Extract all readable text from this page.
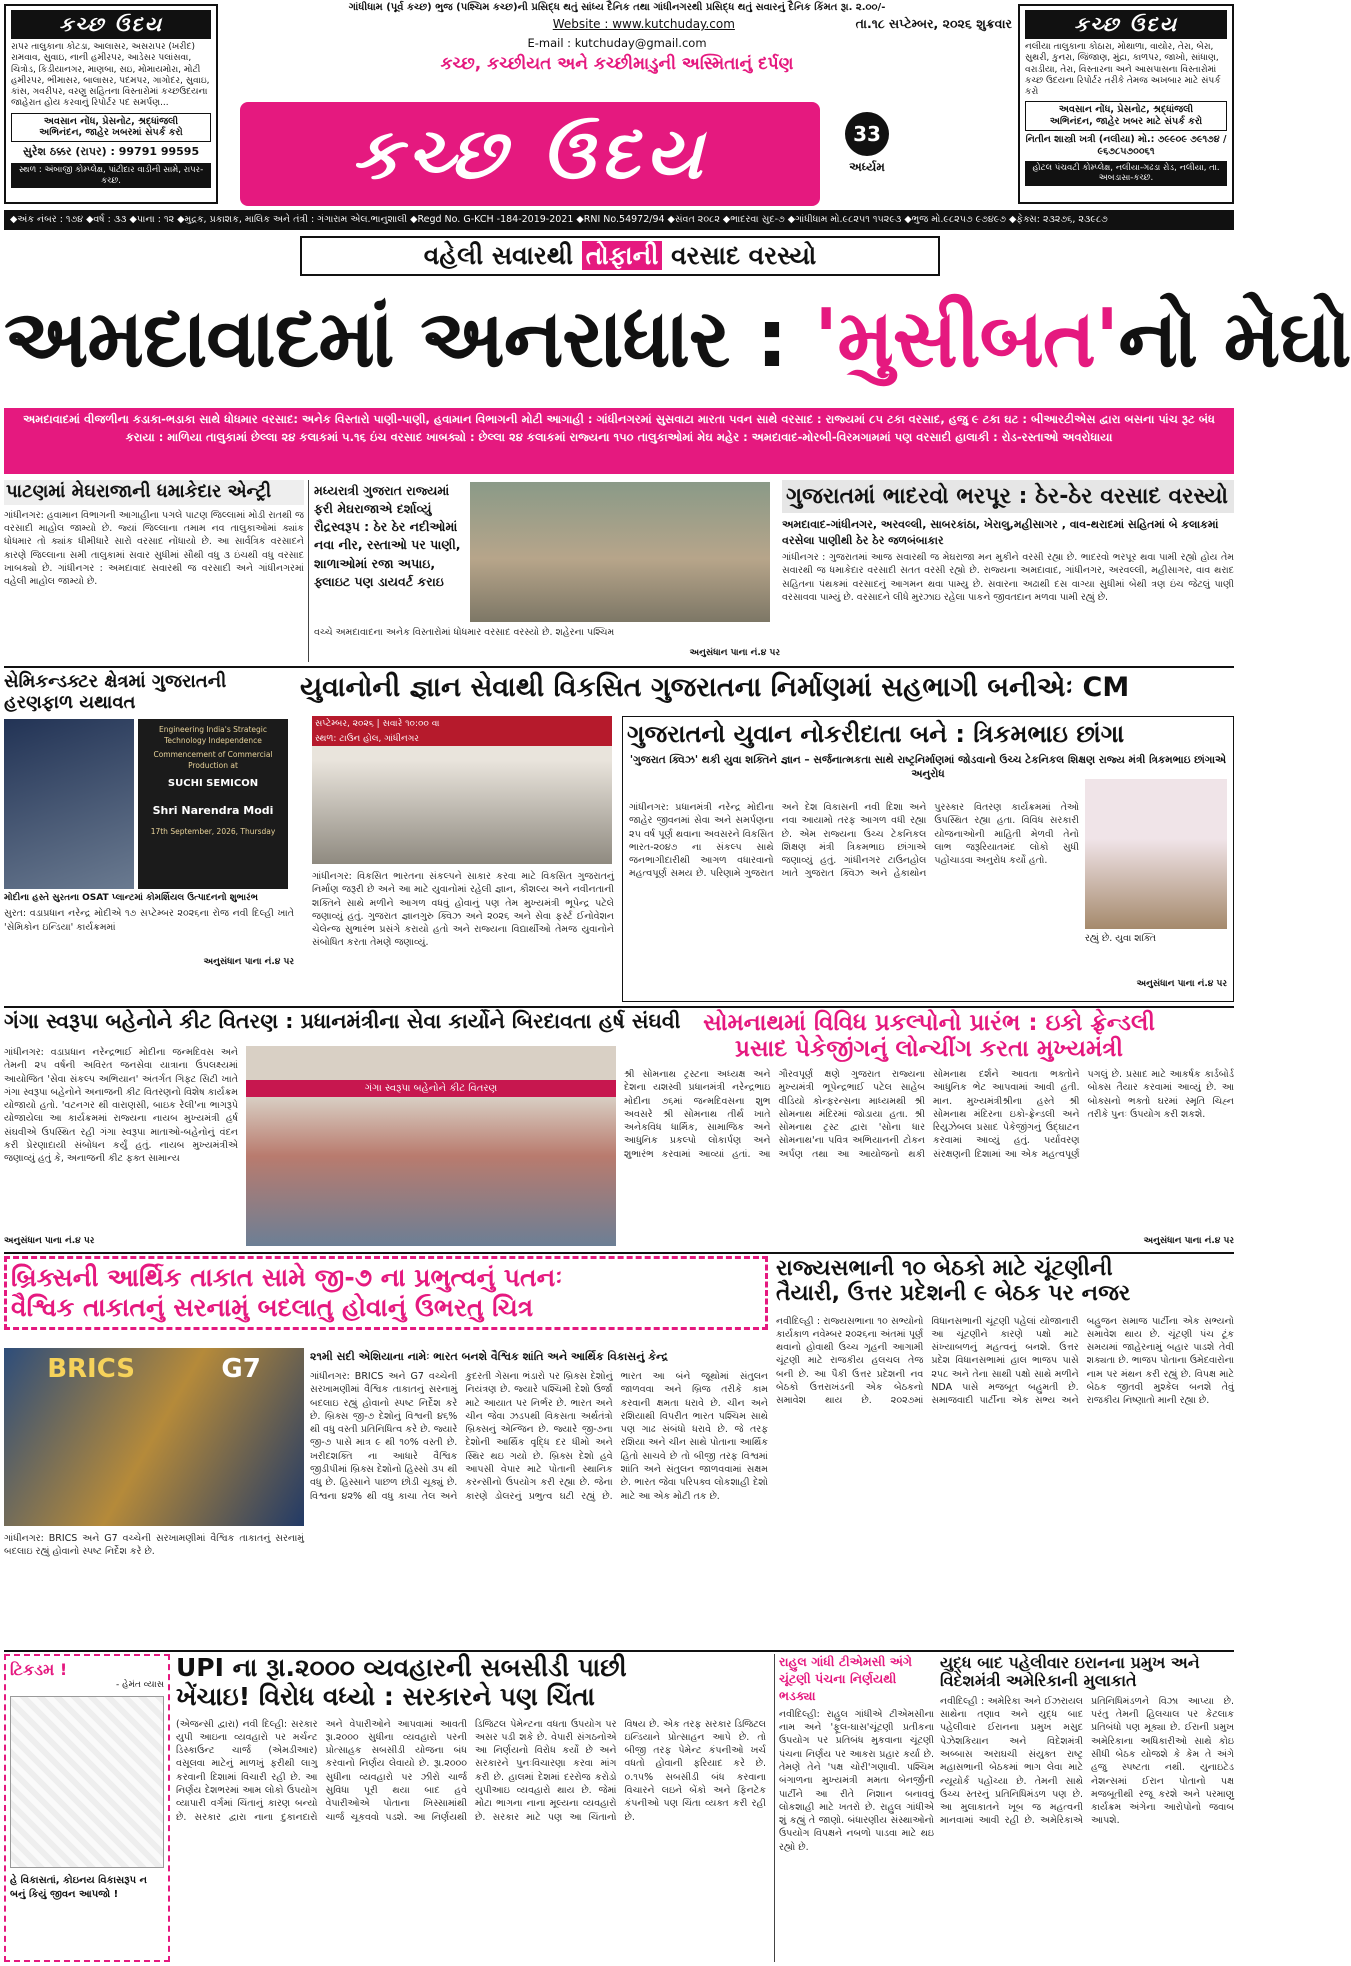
કચ્છ ઉદય
રાપર તાલુકાના કોટડા, આલાસર, અસરાપર (ખરીદ) રામવાવ, સુવાઇ, નાની હમીરપર, આડેસર પલાંસવા, ચિત્રોડ, કિડીયાનગર, માણબા, સઇ, મોમાયમોરા, મોટી હમીરપર, ભીમાસર, બાલાસર, પદમપર, ગાગોદર, સુવાઇ, કાંસ, ગવરીપર, વરણુ સહિતના વિસ્તારોમાં કચ્છઉદયના જાહેરાત હોય કરવાનું રિપોર્ટર પદ સમર્પણ...
અવસાન નોંધ, પ્રેસનોટ, શ્રદ્ધાંજલી
અભિનંદન, જાહેર ખબરમાં સંપર્ક કરો
સુરેશ ઠક્કર (રાપર) : 99791 99595
સ્થળ : અંબાજી કોમ્પ્લેક્ષ, પાંટીદાર વાડીની સામે, રાપર-કચ્છ.
ગાંધીધામ (પૂર્વ કચ્છ) ભુજ (પશ્ચિમ કચ્છ)ની પ્રસિદ્ધ થતું સાંધ્ય દૈનિક તથા ગાંધીનગરથી પ્રસિદ્ધ થતું સવારનું દૈનિક કિંમત રૂા. ૨.૦૦/-
Website : www.kutchuday.com	તા.૧૮ સપ્ટેમ્બર, ૨૦૨૬ શુક્રવાર
E-mail : kutchuday@gmail.com
કચ્છ, કચ્છીયત અને કચ્છીમાડુની અસ્મિતાનું દર્પણ
કચ્છ ઉદય	33
અર્ધ્યમ
કચ્છ ઉદય
નલીયા તાલુકાના કોઠારા, મોથાળા, વાયોર, તેરા, બેરા, સુથરી, કુનરા, જિંજાણ, મુંદ્રા, કાળપર, જાખો, સાંધાણ, વરાડીયા, તેરા, વિસ્તારના અને આસપાસના વિસ્તારોમાં કચ્છ ઉદયના રિપોર્ટર તરીકે તેમજ અખબાર માટે સંપર્ક કરો
અવસાન નોંધ, પ્રેસનોટ, શ્રદ્ધાંજલી
અભિનંદન, જાહેર ખબર માટે સંપર્ક કરો
નિતીન શાસ્ત્રી ખત્રી (નલીયા) મો.: ૭૯૯૦૯ ૭૯૧૭૪ / ૯૬૭૮૫૭૦૦૬૧
હોટલ પંચવટી કોમ્પ્લેક્ષ, નલીયા-ગઢડા રોડ, નલીયા, તા. અબડાસા-કચ્છ.
◆અંક નંબર : ૧૭૪ ◆વર્ષ : ૩૩ ◆પાના : ૧૨ ◆મુદ્રક, પ્રકાશક, માલિક અને તંત્રી : ગંગારામ એલ.ભાનુશાલી ◆Regd No. G-KCH -184-2019-2021 ◆RNI No.54972/94 ◆સંવત ૨૦૮૨ ◆ભાદરવા સુદ-૭ ◆ગાંધીધામ મો.૯૮૨૫૧ ૧૫૨૯૩ ◆ભુજ મો.૯૮૨૫૭ ૯૭૪૯૭ ◆ફેક્સ: ૨૩૨૭૬, ૨૩૯૮૭
વહેલી સવારથી તોફાની વરસાદ વરસ્યો
અમદાવાદમાં અનરાધાર : 'મુસીબત'નો મેઘો
અમદાવાદમાં વીજળીના કડાકા-ભડાકા સાથે ધોધમાર વરસાદ: અનેક વિસ્તારો પાણી-પાણી, હવામાન વિભાગની મોટી આગાહી : ગાંધીનગરમાં સુસવાટા મારતા પવન સાથે વરસાદ : રાજ્યમાં ૮૫ ટકા વરસાદ, હજુ ૯ ટકા ઘટ : બીઆરટીએસ દ્વારા બસના પાંચ રૂટ બંધ કરાયા : માળિયા તાલુકામાં છેલ્લા ૨૪ કલાકમાં ૫.૧૬ ઇંચ વરસાદ ખાબક્યો : છેલ્લા ૨૪ કલાકમાં રાજ્યના ૧૫૦ તાલુકાઓમાં મેઘ મહેર : અમદાવાદ-મોરબી-વિરમગામમાં પણ વરસાદી હાલાકી : રોડ-રસ્તાઓ અવરોધાયા
પાટણમાં મેઘરાજાની ધમાકેદાર એન્ટ્રી
ગાંધીનગર: હવામાન વિભાગની આગાહીના પગલે પાટણ જિલ્લામાં મોડી રાતથી જ વરસાદી માહોલ જામ્યો છે. જ્યાં જિલ્લાના તમામ નવ તાલુકાઓમાં ક્યાંક ધોધમાર તો ક્યાંક ધીમીધારે સારો વરસાદ નોંધાયો છે. આ સાર્વત્રિક વરસાદને કારણે જિલ્લાના સમી તાલુકામાં સવાર સુધીમાં સૌથી વધુ ૩ ઇંચથી વધુ વરસાદ ખાબક્યો છે. ગાંધીનગર : અમદાવાદ સવારથી જ વરસાદી અને ગાંધીનગરમાં વહેલી માહોલ જામ્યો છે.
મધ્યરાત્રી ગુજરાત રાજ્યમાં ફરી મેઘરાજાએ દર્શાવ્યું રૌદ્રસ્વરૂપ : ઠેર ઠેર નદીઓમાં નવા નીર, રસ્તાઓ પર પાણી, શાળાઓમાં રજા અપાઇ, ફ્લાઇટ પણ ડાયવર્ટ કરાઇ
વચ્ચે અમદાવાદના અનેક વિસ્તારોમાં ધોધમાર વરસાદ વરસ્યો છે. શહેરના પશ્ચિમ
અનુસંધાન પાના નં.૪ પર
ગુજરાતમાં ભાદરવો ભરપૂર : ઠેર-ઠેર વરસાદ વરસ્યો
અમદાવાદ-ગાંધીનગર, અરવલ્લી, સાબરકાંઠા, ખેરાલુ,મહીસાગર , વાવ-થરાદમાં સહિતમાં બે કલાકમાં વરસેલા પાણીથી ઠેર ઠેર જળબંબાકાર
ગાંધીનગર : ગુજરાતમાં આજ સવારથી જ મેઘરાજા મન મુકીને વરસી રહ્યા છે. ભાદરવો ભરપૂર થવા પામી રહ્યો હોય તેમ સવારથી જ ધમાકેદાર વરસાદી સતત વરસી રહ્યો છે. રાજ્યના અમદાવાદ, ગાંધીનગર, અરવલ્લી, મહીસાગર, વાવ થરાદ સહિતના પંથકમાં વરસાદનું આગમન થવા પામ્યુ છે. સવારના અઢાથી દસ વાગ્યા સુધીમાં બેથી ત્રણ ઇંચ જેટલું પાણી વરસાવવા પામ્યું છે. વરસાદને લીધે મુરઝાઇ રહેલા પાકને જીવતદાન મળવા પામી રહ્યું છે.
સેમિકન્ડક્ટર ક્ષેત્રમાં ગુજરાતની હરણફાળ યથાવત
Engineering India's Strategic Technology Independence
Commencement of Commercial Production at
SUCHI SEMICON
Shri Narendra Modi
17th September, 2026, Thursday
મોદીના હસ્તે સુરતના OSAT પ્લાન્ટમાં કોમર્શિયલ ઉત્પાદનનો શુભારંભ
સુરત: વડાપ્રધાન નરેન્દ્ર મોદીએ ૧૭ સપ્ટેમ્બર ૨૦૨૬ના રોજ નવી દિલ્હી ખાતે 'સેમિકોન ઇન્ડિયા' કાર્યક્રમમાં
અનુસંધાન પાના નં.૪ પર
યુવાનોની જ્ઞાન સેવાથી વિકસિત ગુજરાતના નિર્માણમાં સહભાગી બનીએઃ CM
સપ્ટેમ્બર, ૨૦૨૬ | સવારે ૧૦:૦૦ વા
સ્થળ: ટાઉન હોલ, ગાંધીનગર
ગાંધીનગર: વિકસિત ભારતના સંકલ્પને સાકાર કરવા માટે વિકસિત ગુજરાતનું નિર્માણ જરૂરી છે અને આ માટે યુવાનોમાં રહેલી જ્ઞાન, કૌશલ્ય અને નવીનતાની શક્તિને સાથે મળીને આગળ વધવું હોવાનું પણ તેમ મુખ્યમંત્રી ભૂપેન્દ્ર પટેલે જણાવ્યું હતું. ગુજરાત જ્ઞાનગુરુ ક્વિઝ અને ૨૦૨૬ અને સેવા ફર્સ્ટ ઈનોવેશન ચેલેન્જ સુભારંભ પ્રસંગે કરાયો હતો અને રાજ્યના વિદ્યાર્થીઓ તેમજ યુવાનોને સંબોધિત કરતા તેમણે જણાવ્યું.
ગુજરાતનો યુવાન નોકરીદાતા બને : ત્રિકમભાઇ છાંગા
'ગુજરાત ક્વિઝ' થકી યુવા શક્તિને જ્ઞાન – સર્જનાત્મકતા સાથે રાષ્ટ્રનિર્માણમાં જોડવાનો ઉચ્ચ ટેકનિકલ શિક્ષણ રાજ્ય મંત્રી ત્રિકમભાઇ છાંગાએ અનુરોધ
ગાંધીનગર: પ્રધાનમંત્રી નરેન્દ્ર મોદીના જાહેર જીવનમાં સેવા અને સમર્પણના ૨૫ વર્ષ પૂર્ણ થવાના અવસરને વિકસિત ભારત-૨૦૪૭ ના સંકલ્પ સાથે જનભાગીદારીથી આગળ વધારવાનો મહત્વપૂર્ણ સમય છે. પરિણામે ગુજરાત અને દેશ વિકાસની નવી દિશા અને નવા આયામો તરફ આગળ વધી રહ્યા છે. એમ રાજ્યના ઉચ્ચ ટેકનિકલ શિક્ષણ મંત્રી ત્રિકમભાઇ છાંગાએ જણાવ્યું હતું. ગાંધીનગર ટાઉનહોલ ખાતે ગુજરાત ક્વિઝ અને હેકાથોન પુરસ્કાર વિતરણ કાર્યક્રમમાં તેઓ ઉપસ્થિત રહ્યા હતા. વિવિધ સરકારી યોજનાઓની માહિતી મેળવી તેનો લાભ જરૂરિયાતમંદ લોકો સુધી પહોંચાડવા અનુરોધ કર્યો હતો.
રહ્યું છે. યુવા શક્તિ
અનુસંધાન પાના નં.૪ પર
ગંગા સ્વરૂપા બહેનોને કીટ વિતરણ : પ્રધાનમંત્રીના સેવા કાર્યોને બિરદાવતા હર્ષ સંઘવી
ગાંધીનગર: વડાપ્રધાન નરેન્દ્રભાઈ મોદીના જન્મદિવસ અને તેમની ૨૫ વર્ષની અવિરત જનસેવા યાત્રાના ઉપલક્ષ્યમાં આયોજિત 'સેવા સંકલ્પ અભિયાન' અંતર્ગત ગિફ્ટ સિટી ખાતે ગંગા સ્વરૂપા બહેનોને અનાજની કીટ વિતરણનો વિશેષ કાર્યક્રમ યોજાયો હતો. 'વટનગર થી વારાણસી, બાઇક રેલી'ના ભાગરૂપે યોજાયેલા આ કાર્યક્રમમાં રાજ્યના નાયબ મુખ્યમંત્રી હર્ષ સંઘવીએ ઉપસ્થિત રહી ગંગા સ્વરૂપા માતાઓ-બહેનોનું વંદન કરી પ્રેરણાદાયી સંબોધન કર્યું હતું. નાયબ મુખ્યમંત્રીએ જણાવ્યું હતું કે, અનાજની કીટ ફક્ત સામાન્ય
ગંગા સ્વરૂપા બહેનોને કીટ વિતરણ
અનુસંધાન પાના નં.૪ પર
સોમનાથમાં વિવિધ પ્રકલ્પોનો પ્રારંભ : ઇકો ફ્રેન્ડલી
પ્રસાદ પેકેજીંગનું લોન્ચીંગ કરતા મુખ્યમંત્રી
શ્રી સોમનાથ ટ્રસ્ટના અધ્યક્ષ અને દેશના યશસ્વી પ્રધાનમંત્રી નરેન્દ્રભાઇ મોદીના ૭૬માં જન્મદિવસના શુભ અવસરે શ્રી સોમનાથ તીર્થ ખાતે અનેકવિધ ધાર્મિક, સામાજિક અને આધુનિક પ્રકલ્પો લોકાર્પણ અને શુભારંભ કરવામાં આવ્યાં હતાં. આ ગૌરવપૂર્ણ ક્ષણે ગુજરાત રાજ્યના મુખ્યમંત્રી ભૂપેન્દ્રભાઈ પટેલ સાહેબ વીડિયો કોન્ફરન્સના માધ્યમથી શ્રી સોમનાથ મંદિરમાં જોડાયા હતા. શ્રી સોમનાથ ટ્રસ્ટ દ્વારા 'સોના ધાર સોમનાથ'ના પવિત્ર અભિયાનની ટોકન અર્પણ તથા આ આયોજનો થકી સોમનાથ દર્શને આવતા ભક્તોને આધુનિક ભેટ આપવામાં આવી હતી. માન. મુખ્યમંત્રીશ્રીના હસ્તે શ્રી સોમનાથ મંદિરના ઇકો-ફ્રેન્ડલી અને રિયુઝેબલ પ્રસાદ પેકેજીંગનું ઉદ્ઘાટન કરવામાં આવ્યું હતું. પર્યાવરણ સંરક્ષણની દિશામાં આ એક મહત્વપૂર્ણ પગલું છે. પ્રસાદ માટે આકર્ષક કાર્ડબોર્ડ બોક્સ તૈયાર કરવામાં આવ્યું છે. આ બોક્સનો ભક્તો ઘરમાં સ્મૃતિ ચિહ્ન તરીકે પુનઃ ઉપયોગ કરી શકશે.
અનુસંધાન પાના નં.૪ પર
બ્રિક્સની આર્થિક તાકાત સામે જી-૭ ના પ્રભુત્વનું પતનઃ
વૈશ્વિક તાકાતનું સરનામું બદલાતુ હોવાનું ઉભરતુ ચિત્ર
BRICS	G7	૨૧મી સદી એશિયાના નામેઃ ભારત બનશે વૈશ્વિક શાંતિ અને આર્થિક વિકાસનું કેન્દ્ર
ગાંધીનગર: BRICS અને G7 વચ્ચેની સરખામણીમાં વૈશ્વિક તાકાતનું સરનામું બદલાઇ રહ્યું હોવાનો સ્પષ્ટ નિર્દેશ કરે છે. બ્રિક્સ જી-૭ દેશોનું વિશ્વની ૪૬% થી વધુ વસ્તી પ્રતિનિધિત્વ કરે છે. જ્યારે જી-૭ પાસે માત્ર ૯ થી ૧૦% વસ્તી છે. ખરીદશક્તિ ના આધારે વૈશ્વિક જીડીપીમાં બ્રિક્સ દેશોનો હિસ્સો ૩૫ થી વધુ છે. હિસ્સાને પાછળ છોડી ચૂક્યું છે. વિશ્વના ૪૨% થી વધુ કાચા તેલ અને કુદરતી ગેસના ભંડારો પર બ્રિક્સ દેશોનું નિયંત્રણ છે. જ્યારે પશ્ચિમી દેશો ઉર્જા માટે આયાત પર નિર્ભર છે. ભારત અને ચીન જેવા ઝડપથી વિકસતા અર્થતંત્રો બ્રિક્સનું એન્જિન છે. જ્યારે જી-૭ના દેશોની આર્થિક વૃદ્ધિ દર ધીમો અને સ્થિર થઇ ગયો છે. બ્રિક્સ દેશો હવે આપસી વેપાર માટે પોતાની સ્થાનિક કરન્સીનો ઉપયોગ કરી રહ્યા છે. જેના કારણે ડોલરનું પ્રભુત્વ ઘટી રહ્યું છે. ભારત આ બંને જૂથોમાં સંતુલન જાળવવા અને બ્રિજ તરીકે કામ કરવાની ક્ષમતા ધરાવે છે. ચીન અને રશિયાથી વિપરીત ભારત પશ્ચિમ સાથે પણ ગાઢ સંબંધો ધરાવે છે. જે તરફ રશિયા અને ચીન સાથે પોતાના આર્થિક હિતો સાચવે છે તો બીજી તરફ વિશ્વમાં શાંતિ અને સંતુલન જાળવવામાં સક્ષમ છે. ભારત જેવા પરિપક્વ લોકશાહી દેશો માટે આ એક મોટી તક છે.
ગાંધીનગર: BRICS અને G7 વચ્ચેની સરખામણીમાં વૈશ્વિક તાકાતનું સરનામું બદલાઇ રહ્યું હોવાનો સ્પષ્ટ નિર્દેશ કરે છે.
રાજ્યસભાની ૧૦ બેઠકો માટે ચૂંટણીની
તૈયારી, ઉત્તર પ્રદેશની ૯ બેઠક પર નજર
નવીદિલ્હી : રાજ્યસભાના ૧૦ સભ્યોનો કાર્યકાળ નવેમ્બર ૨૦૨૬ના અંતમાં પૂર્ણ થવાનો હોવાથી ઉચ્ચ ગૃહની આગામી ચૂંટણી માટે રાજકીય હલચલ તેજ બની છે. આ પૈકી ઉત્તર પ્રદેશની નવ બેઠકો ઉત્તરાખંડની એક બેઠકનો સમાવેશ થાય છે. ૨૦૨૭માં વિધાનસભાની ચૂંટણી પહેલાં યોજાનારી આ ચૂંટણીને કારણે પક્ષો માટે સંખ્યાબળનું મહત્વનું બનશે. ઉત્તર પ્રદેશ વિધાનસભામાં હાલ ભાજપ પાસે ૨૫૮ અને તેના સાથી પક્ષો સાથે મળીને NDA પાસે મજબૂત બહુમતી છે. સમાજવાદી પાર્ટીના એક સભ્ય અને બહુજન સમાજ પાર્ટીના એક સભ્યનો સમાવેશ થાય છે. ચૂંટણી પંચ ટૂંક સમયમાં જાહેરનામું બહાર પાડશે તેવી શક્યતા છે. ભાજપ પોતાના ઉમેદવારોના નામ પર મંથન કરી રહ્યું છે. વિપક્ષ માટે બેઠક જીતવી મુશ્કેલ બનશે તેવું રાજકીય નિષ્ણાતો માની રહ્યા છે.
ટિકડમ !
- હેમંત વ્યાસ
હે વિકાસતાં, કોઇનય વિકાસરૂપ ન બનું કિયું જીવન આપજો !
UPI ના રૂા.૨૦૦૦ વ્યવહારની સબસીડી પાછી
ખેંચાઇ! વિરોધ વધ્યો : સરકારને પણ ચિંતા
(એજન્સી દ્વારા) નવી દિલ્હી: સરકાર યુપી આઇના વ્યવહારો પર મર્ચન્ટ ડિસ્કાઉન્ટ ચાર્જ (એમડીઆર) વસૂલવા માટેનું માળખું ફરીથી લાગુ કરવાની દિશામાં વિચારી રહી છે. આ નિર્ણય દેશભરમાં આમ લોકો ઉપયોગ વ્યાપારી વર્ગમાં ચિંતાનું કારણ બન્યો છે. સરકાર દ્વારા નાના દુકાનદારો અને વેપારીઓને આપવામાં આવતી રૂા.૨૦૦૦ સુધીના વ્યવહારો પરની પ્રોત્સાહક સબસીડી યોજના બંધ કરવાનો નિર્ણય લેવાયો છે. રૂા.૨૦૦૦ સુધીના વ્યવહારો પર ઝીરો ચાર્જ સુવિધા પૂરી થયા બાદ હવે વેપારીઓએ પોતાના ખિસ્સામાંથી ચાર્જ ચૂકવવો પડશે. આ નિર્ણયથી ડિજિટલ પેમેન્ટના વધતા ઉપયોગ પર અસર પડી શકે છે. વેપારી સંગઠનોએ આ નિર્ણયનો વિરોધ કર્યો છે અને સરકારને પુનઃવિચારણા કરવા માંગ કરી છે. હાલમાં દેશમાં દરરોજ કરોડો યુપીઆઇ વ્યવહારો થાય છે. જેમાં મોટા ભાગના નાના મૂલ્યના વ્યવહારો છે. સરકાર માટે પણ આ ચિંતાનો વિષય છે. એક તરફ સરકાર ડિજિટલ ઇન્ડિયાને પ્રોત્સાહન આપે છે. તો બીજી તરફ પેમેન્ટ કંપનીઓ ખર્ચ વધતો હોવાની ફરિયાદ કરે છે. ૦.૧૫% સબસીડી બંધ કરવાના વિચારને લઇને બેંકો અને ફિનટેક કંપનીઓ પણ ચિંતા વ્યક્ત કરી રહી છે.
રાહુલ ગાંધી ટીએમસી અંગે ચૂંટણી પંચના નિર્ણયથી
ભડક્યા
નવીદિલ્હી: રાહુલ ગાંધીએ ટીએમસીના નામ અને 'ફૂલ-ઘાસ'ચૂંટણી પ્રતીકના ઉપયોગ પર પ્રતિબંધ મુકવાના ચૂંટણી પંચના નિર્ણય પર આકરા પ્રહાર કર્યા છે. તેમણે તેને 'પક્ષ ચોરી'ગણાવી. પશ્ચિમ બંગાળના મુખ્યમંત્રી મમતા બેનર્જીની પાર્ટીને આ રીતે નિશાન બનાવવું લોકશાહી માટે ખતરો છે. રાહુલ ગાંધીએ શું કહ્યું તે જાણો. બંધારણીય સંસ્થાઓનો ઉપયોગ વિપક્ષને નબળો પાડવા માટે થઇ રહ્યો છે.
યુદ્ધ બાદ પહેલીવાર ઇરાનના પ્રમુખ અને
વિદેશમંત્રી અમેરિકાની મુલાકાતે
નવીદિલ્હી : અમેરિકા અને ઈઝરાયલ સાથેના તણાવ અને યુદ્ધ બાદ પહેલીવાર ઈરાનના પ્રમુખ મસુદ પેઝેશકિયાન અને વિદેશમંત્રી અબ્બાસ અરાઘચી સંયુક્ત રાષ્ટ્ર મહાસભાની બેઠકમાં ભાગ લેવા માટે ન્યૂયોર્ક પહોંચ્યા છે. તેમની સાથે ઉચ્ચ સ્તરનું પ્રતિનિધિમંડળ પણ છે. આ મુલાકાતને ખૂબ જ મહત્વની માનવામાં આવી રહી છે. અમેરિકાએ પ્રતિનિધિમંડળને વિઝા આપ્યા છે. પરંતુ તેમની હિલચાલ પર કેટલાક પ્રતિબંધો પણ મૂક્યા છે. ઈરાની પ્રમુખ અમેરિકાના અધિકારીઓ સાથે કોઇ સીધી બેઠક યોજશે કે કેમ તે અંગે હજુ સ્પષ્ટતા નથી. યુનાઇટેડ નેશન્સમાં ઈરાન પોતાનો પક્ષ મજબૂતીથી રજૂ કરશે અને પરમાણુ કાર્યક્રમ અંગેના આરોપોનો જવાબ આપશે.
